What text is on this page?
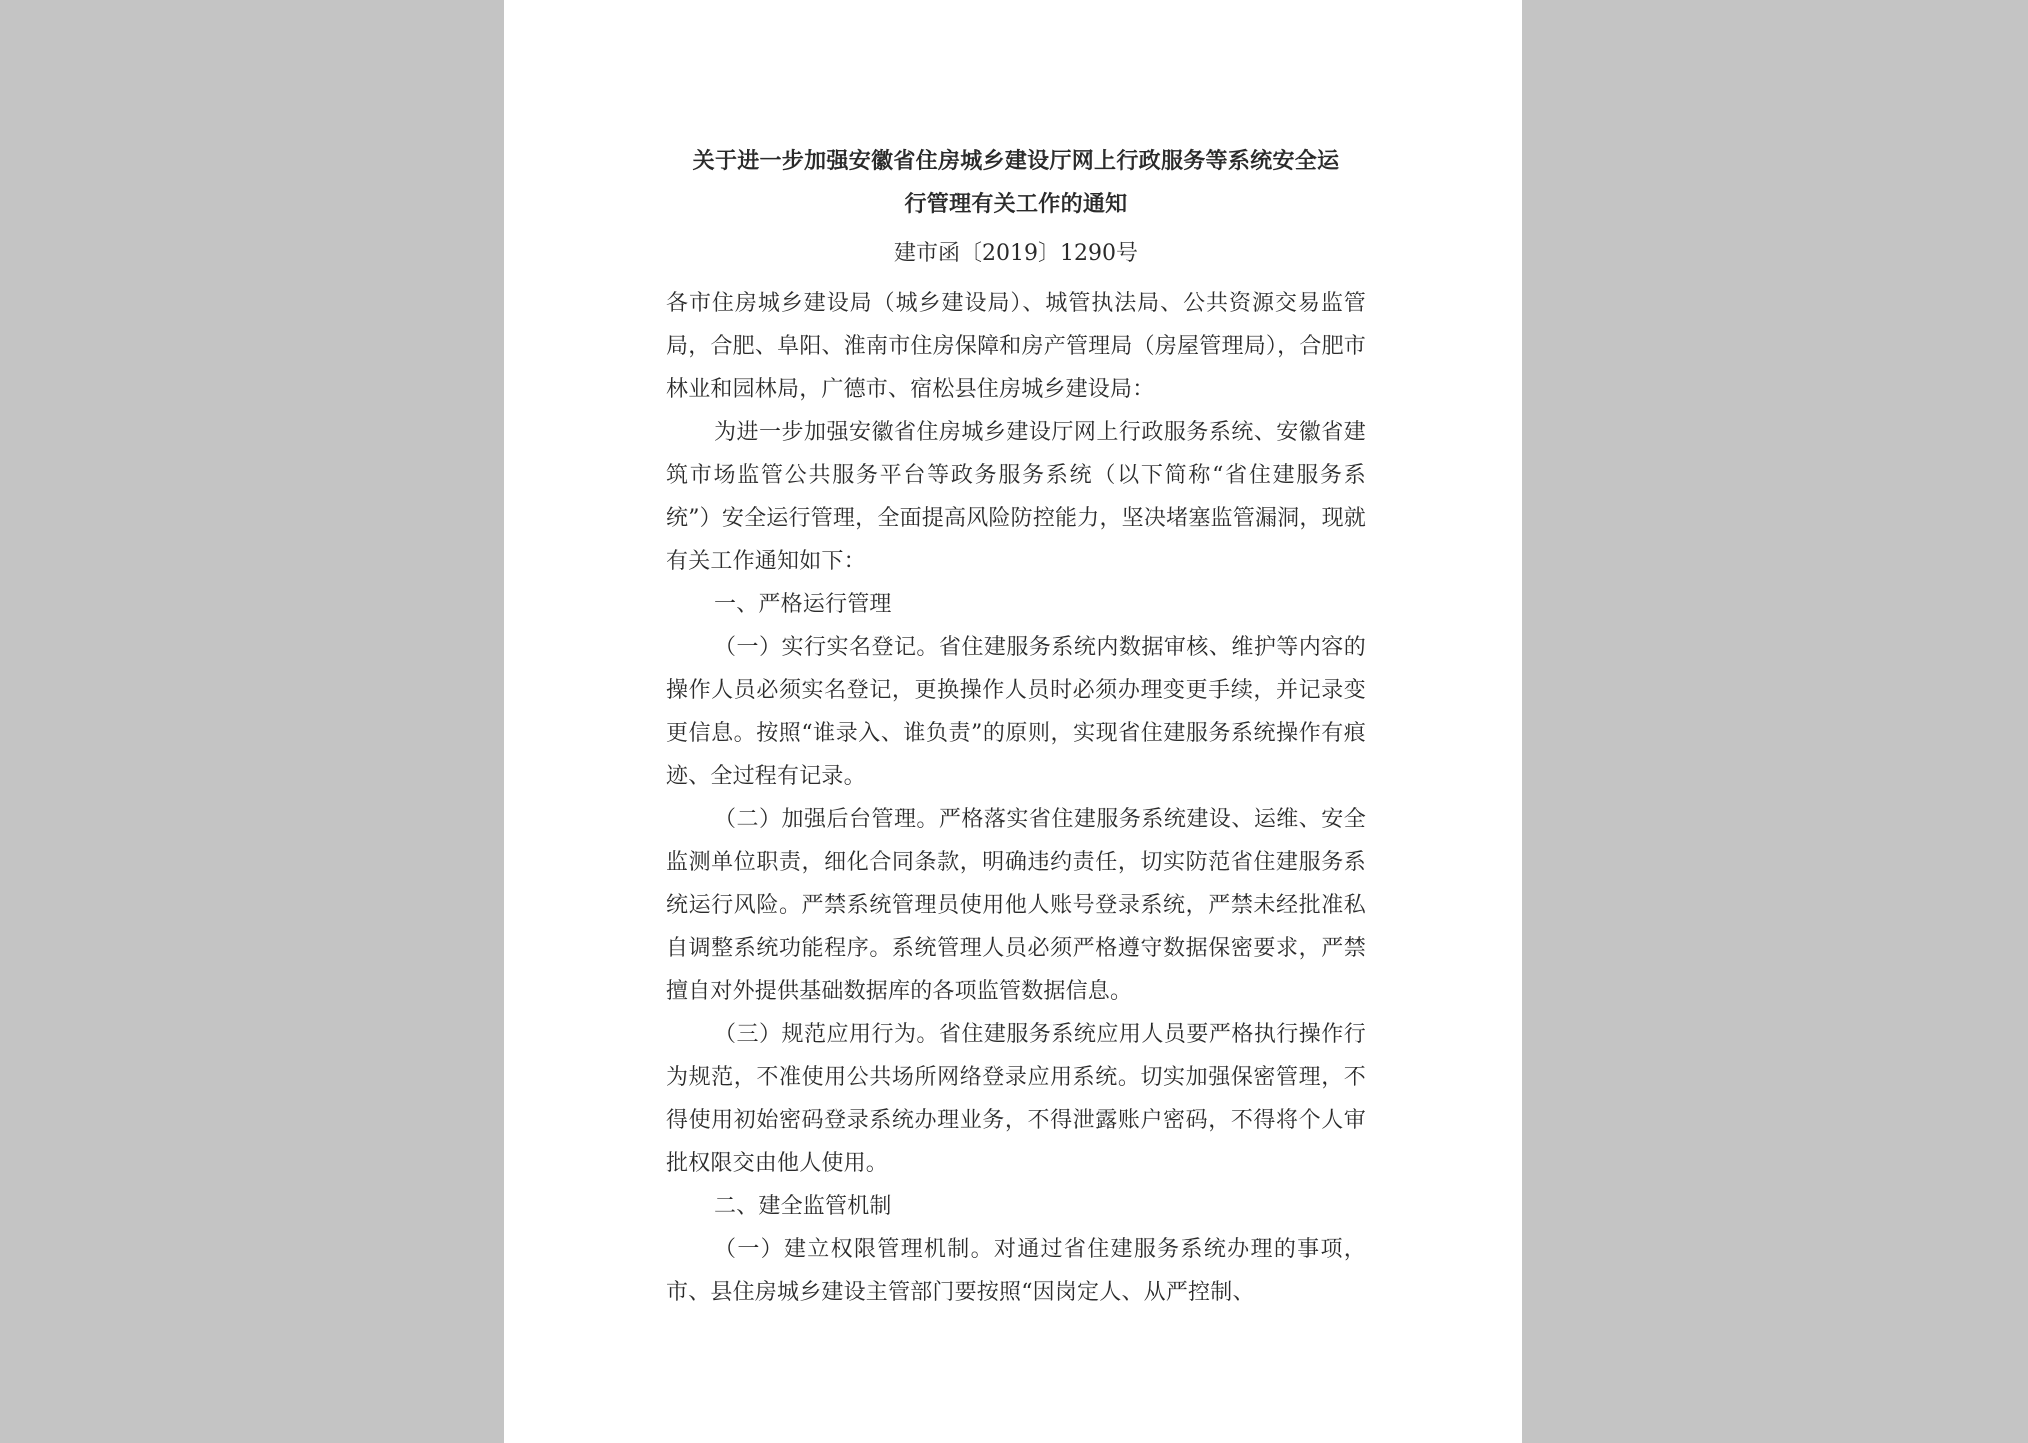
关于进一步加强安徽省住房城乡建设厅网上行政服务等系统安全运
行管理有关工作的通知
建市函〔2019〕1290号

各市住房城乡建设局（城乡建设局）、城管执法局、公共资源交易监管局，合肥、阜阳、淮南市住房保障和房产管理局（房屋管理局），合肥市林业和园林局，广德市、宿松县住房城乡建设局：

为进一步加强安徽省住房城乡建设厅网上行政服务系统、安徽省建筑市场监管公共服务平台等政务服务系统（以下简称“省住建服务系统”）安全运行管理，全面提高风险防控能力，坚决堵塞监管漏洞，现就有关工作通知如下：

一、严格运行管理

（一）实行实名登记。省住建服务系统内数据审核、维护等内容的操作人员必须实名登记，更换操作人员时必须办理变更手续，并记录变更信息。按照“谁录入、谁负责”的原则，实现省住建服务系统操作有痕迹、全过程有记录。

（二）加强后台管理。严格落实省住建服务系统建设、运维、安全监测单位职责，细化合同条款，明确违约责任，切实防范省住建服务系统运行风险。严禁系统管理员使用他人账号登录系统，严禁未经批准私自调整系统功能程序。系统管理人员必须严格遵守数据保密要求，严禁擅自对外提供基础数据库的各项监管数据信息。

（三）规范应用行为。省住建服务系统应用人员要严格执行操作行为规范，不准使用公共场所网络登录应用系统。切实加强保密管理，不得使用初始密码登录系统办理业务，不得泄露账户密码，不得将个人审批权限交由他人使用。

二、建全监管机制

（一）建立权限管理机制。对通过省住建服务系统办理的事项，市、县住房城乡建设主管部门要按照“因岗定人、从严控制、
